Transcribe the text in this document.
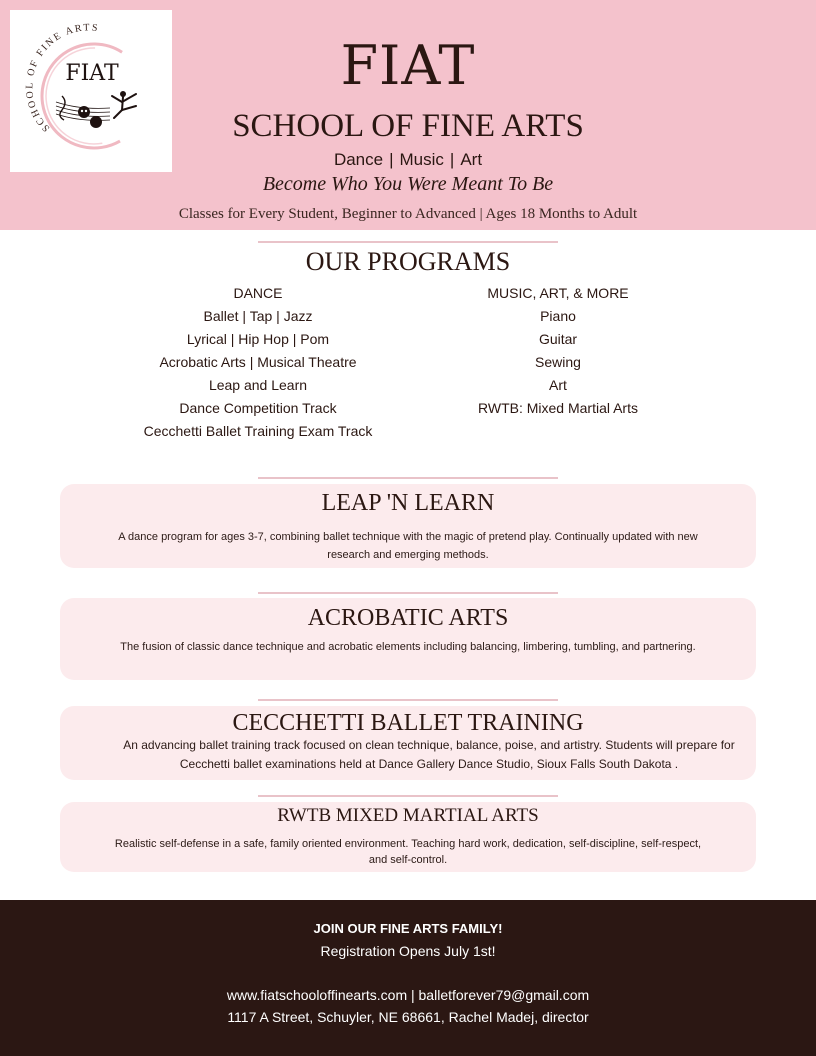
SCHOOL OF FINE ARTS
FIAT	FIAT
SCHOOL OF FINE ARTS
Dance | Music | Art
Become Who You Were Meant To Be
Classes for Every Student, Beginner to Advanced | Ages 18 Months to Adult
OUR PROGRAMS
DANCE
Ballet | Tap | Jazz
Lyrical | Hip Hop | Pom
Acrobatic Arts | Musical Theatre
Leap and Learn
Dance Competition Track
Cecchetti Ballet Training Exam Track
MUSIC, ART, & MORE
Piano
Guitar
Sewing
Art
RWTB: Mixed Martial Arts
LEAP 'N LEARN
A dance program for ages 3-7, combining ballet technique with the magic of pretend play. Continually updated with new research and emerging methods.
ACROBATIC ARTS
The fusion of classic dance technique and acrobatic elements including balancing, limbering, tumbling, and partnering.
CECCHETTI BALLET TRAINING
An advancing ballet training track focused on clean technique, balance, poise, and artistry. Students will prepare for Cecchetti ballet examinations held at Dance Gallery Dance Studio, Sioux Falls South Dakota .
RWTB MIXED MARTIAL ARTS
Realistic self-defense in a safe, family oriented environment. Teaching hard work, dedication, self-discipline, self-respect, and self-control.
JOIN OUR FINE ARTS FAMILY!
Registration Opens July 1st!
www.fiatschooloffinearts.com | balletforever79@gmail.com
1117 A Street, Schuyler, NE 68661, Rachel Madej, director
